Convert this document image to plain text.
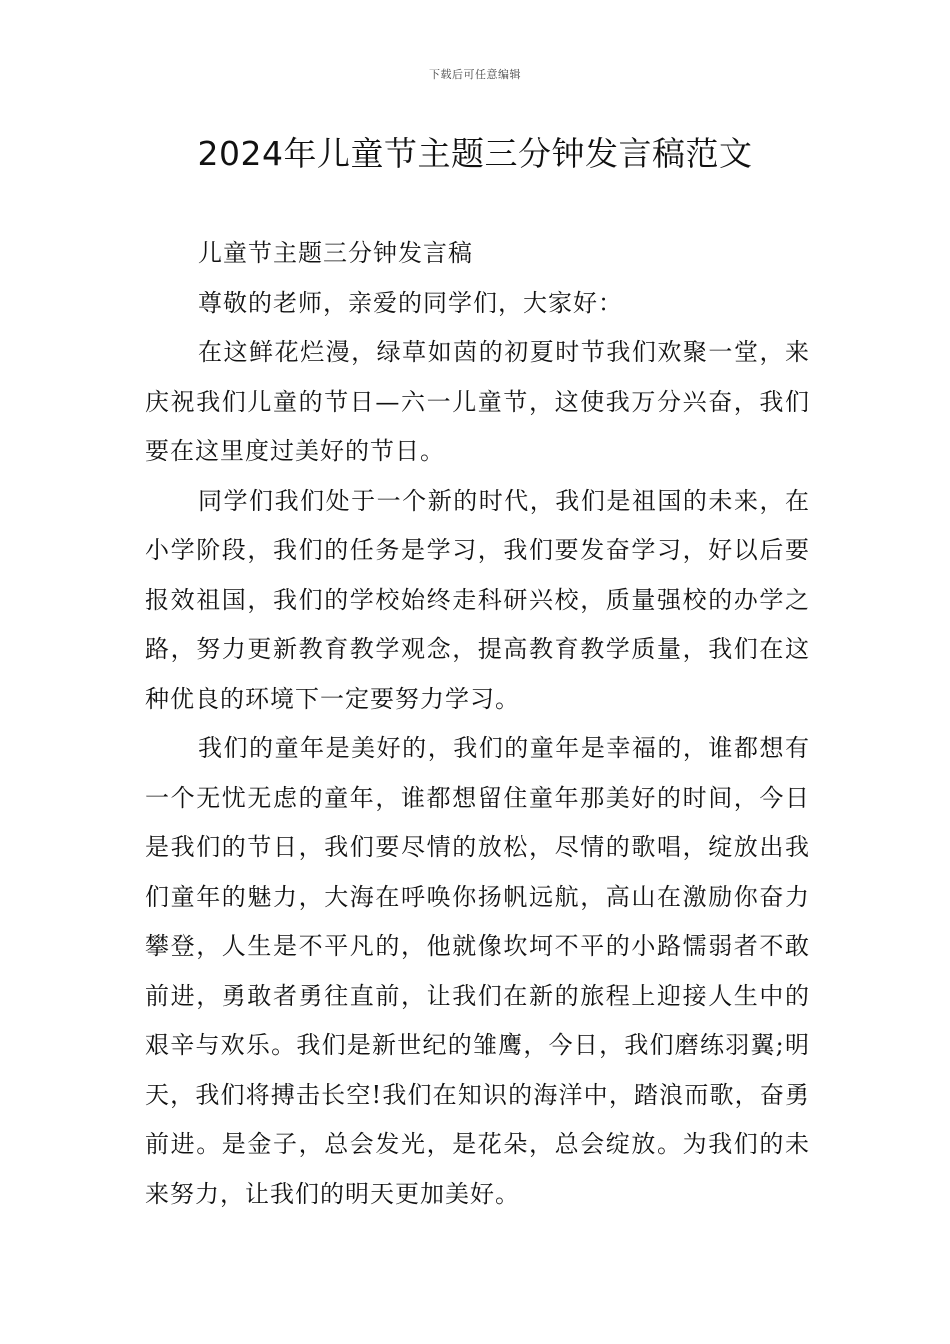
下载后可任意编辑
2024年儿童节主题三分钟发言稿范文

儿童节主题三分钟发言稿

尊敬的老师，亲爱的同学们，大家好：

在这鲜花烂漫，绿草如茵的初夏时节我们欢聚一堂，来庆祝我们儿童的节日—六一儿童节，这使我万分兴奋，我们要在这里度过美好的节日。

同学们我们处于一个新的时代，我们是祖国的未来，在小学阶段，我们的任务是学习，我们要发奋学习，好以后要报效祖国，我们的学校始终走科研兴校，质量强校的办学之路，努力更新教育教学观念，提高教育教学质量，我们在这种优良的环境下一定要努力学习。

我们的童年是美好的，我们的童年是幸福的，谁都想有一个无忧无虑的童年，谁都想留住童年那美好的时间，今日是我们的节日，我们要尽情的放松，尽情的歌唱，绽放出我们童年的魅力，大海在呼唤你扬帆远航，高山在激励你奋力攀登，人生是不平凡的，他就像坎坷不平的小路懦弱者不敢前进，勇敢者勇往直前，让我们在新的旅程上迎接人生中的艰辛与欢乐。我们是新世纪的雏鹰，今日，我们磨练羽翼;明天，我们将搏击长空!我们在知识的海洋中，踏浪而歌，奋勇前进。是金子，总会发光，是花朵，总会绽放。为我们的未来努力，让我们的明天更加美好。
